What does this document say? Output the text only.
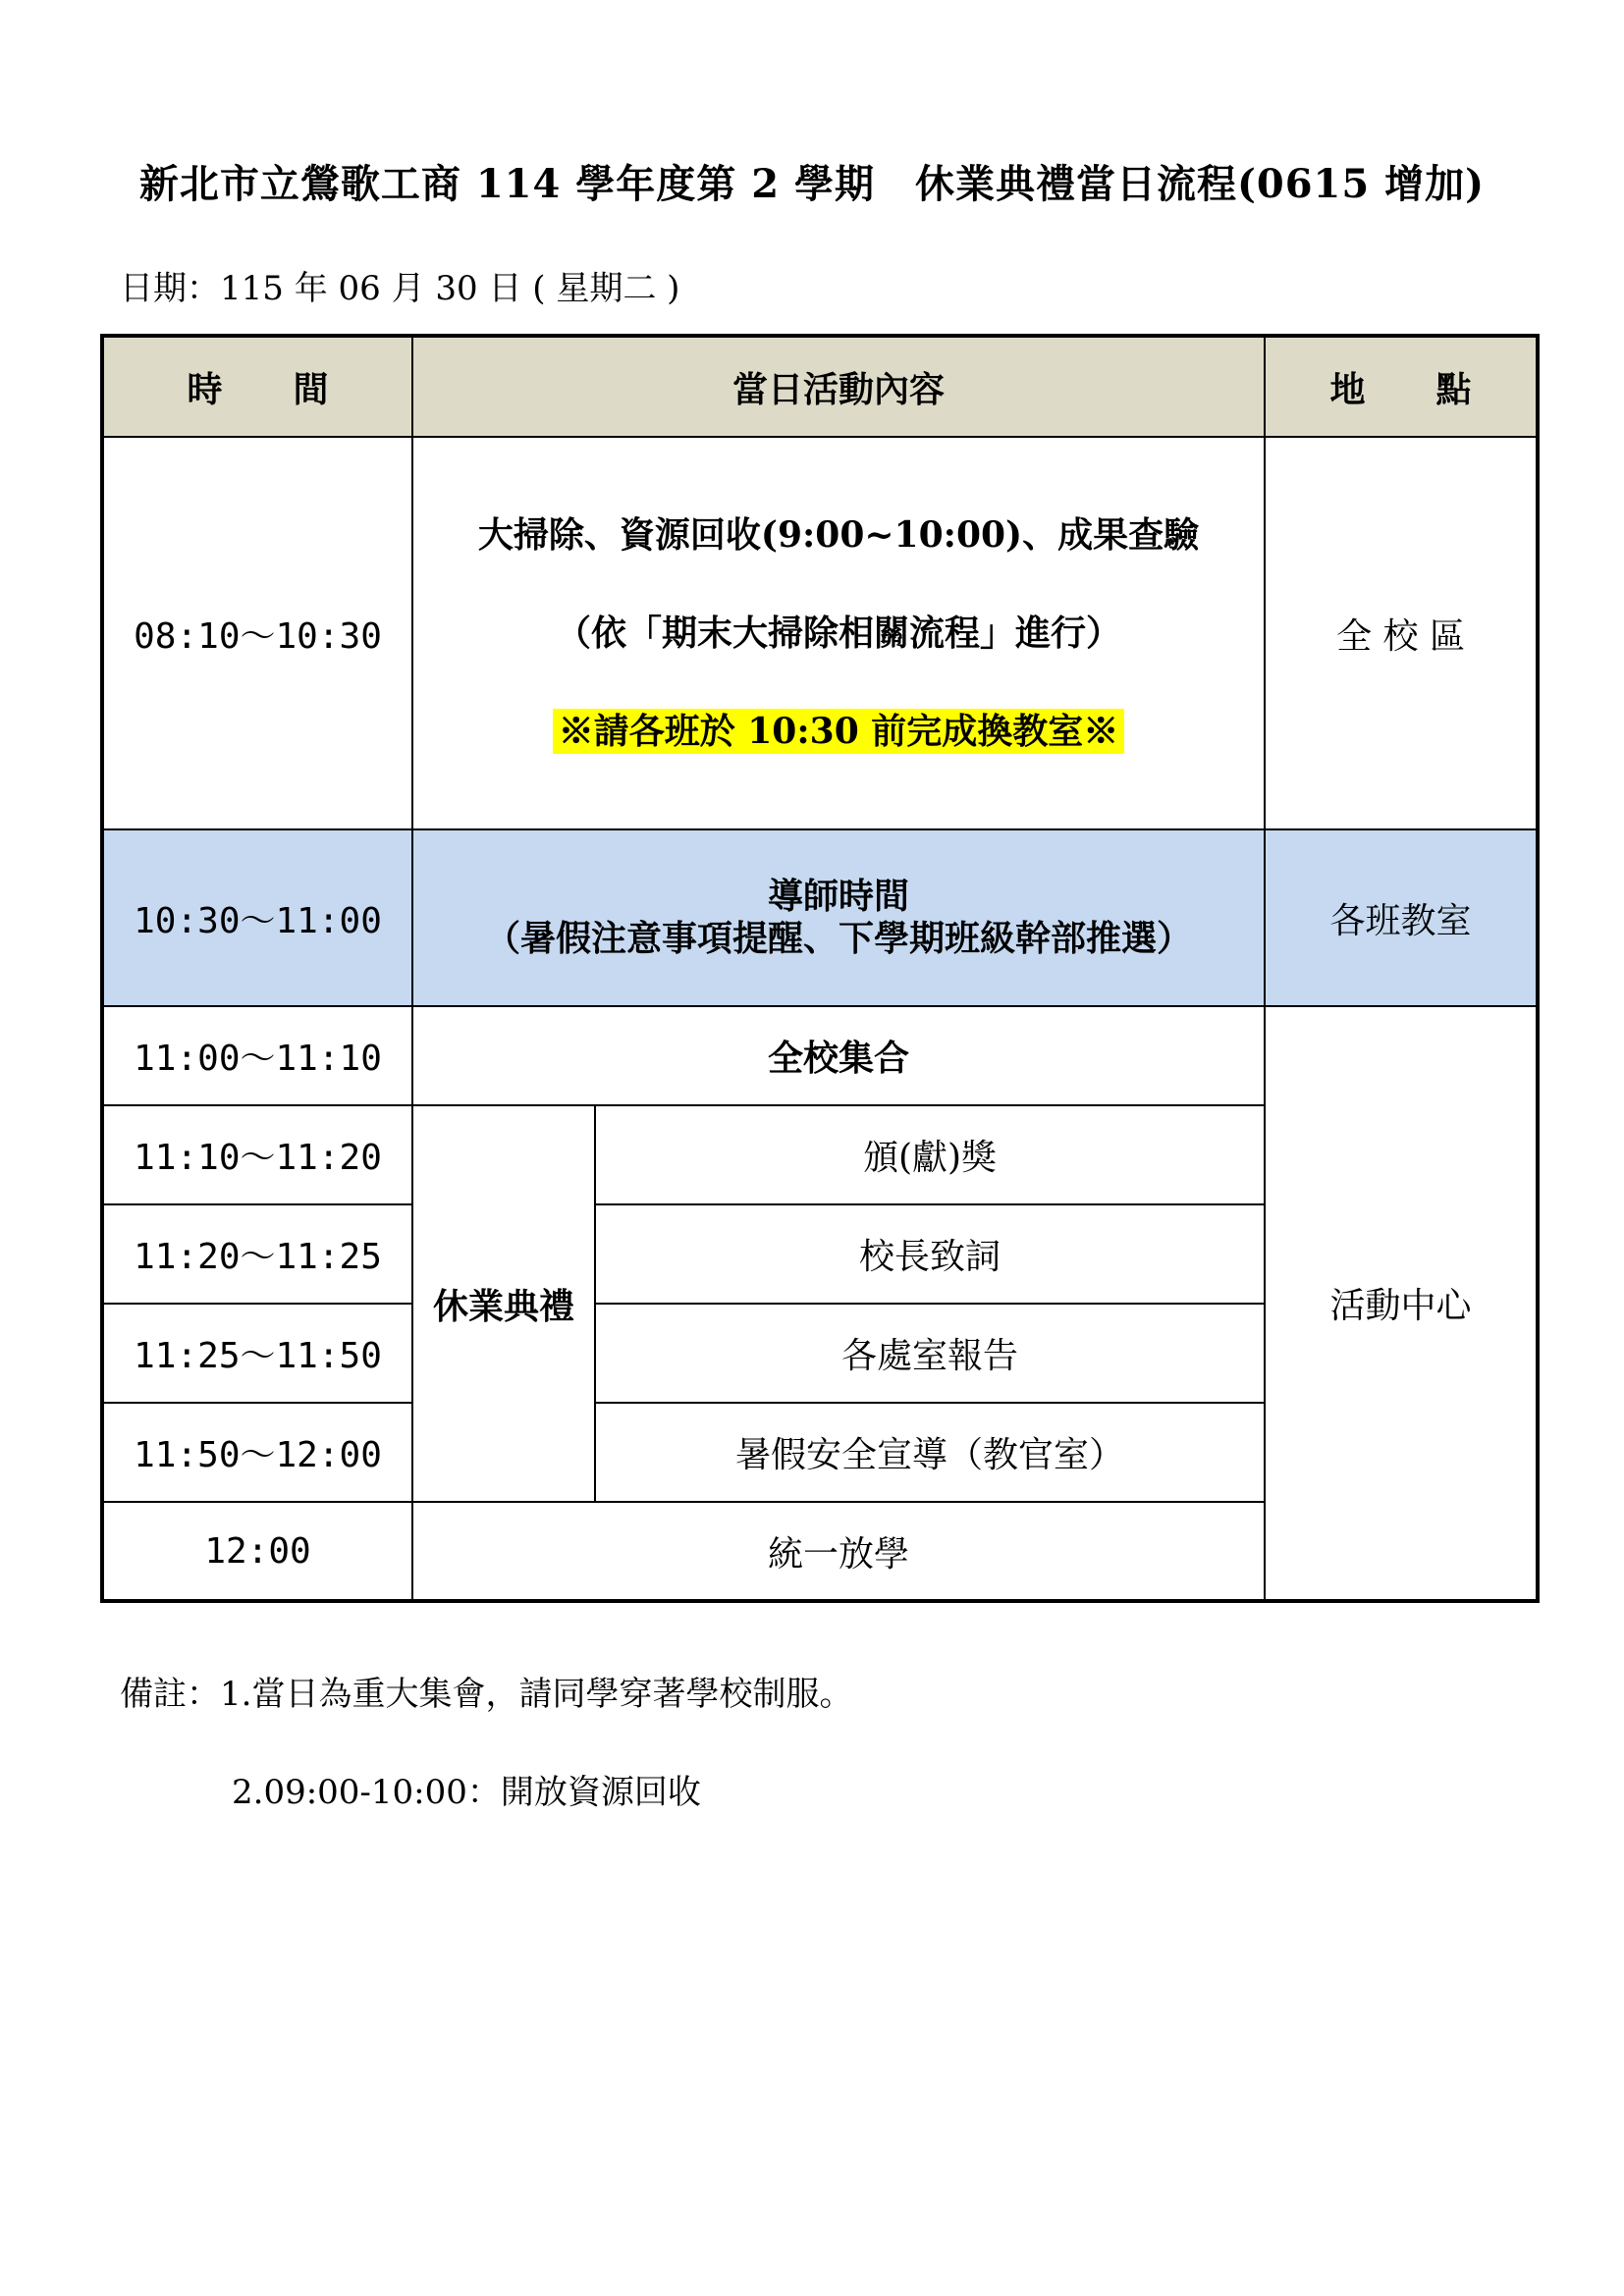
新北市立鶯歌工商 114 學年度第 2 學期　休業典禮當日流程(0615 增加)
日期：115 年 06 月 30 日 ( 星期二 )
時　　間	當日活動內容		地　　點
08:10～10:30	大掃除、資源回收(9:00~10:00)、成果查驗
（依「期末大掃除相關流程」進行）
※請各班於 10:30 前完成換教室※		全 校 區
10:30～11:00	導師時間
（暑假注意事項提醒、下學期班級幹部推選）		各班教室
11:00～11:10	全校集合		活動中心
11:10～11:20	休業典禮	頒(獻)獎	
11:20～11:25		校長致詞	
11:25～11:50		各處室報告	
11:50～12:00		暑假安全宣導（教官室）	
12:00	統一放學		
備註：1.當日為重大集會，請同學穿著學校制服。
2.09:00-10:00：開放資源回收
